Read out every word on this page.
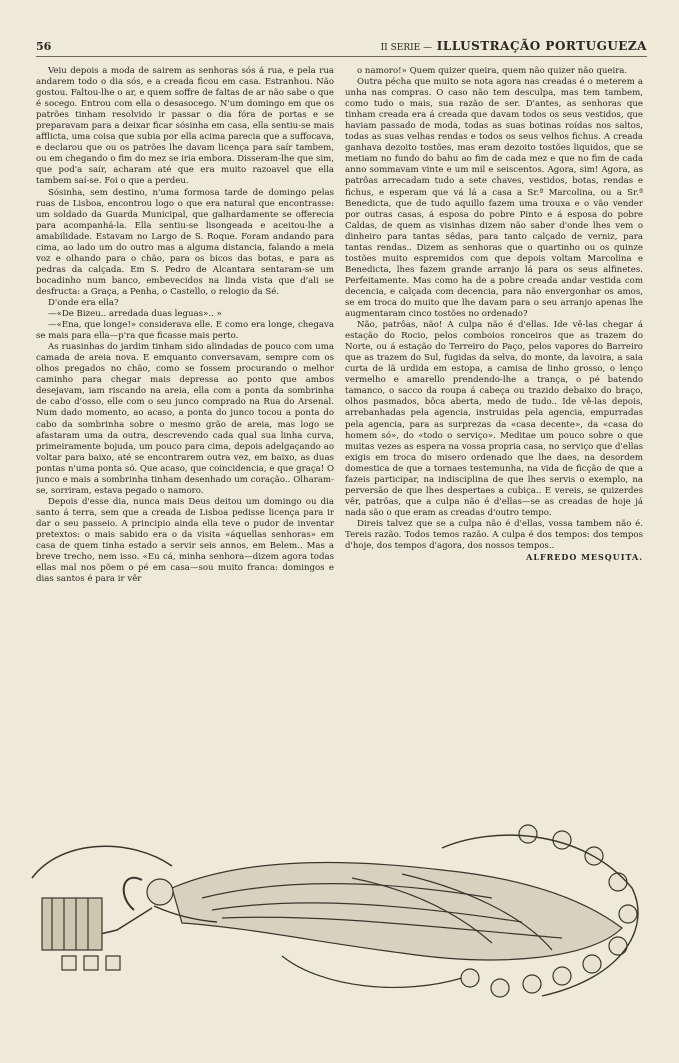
56	II SERIE — ILLUSTRAÇÃO PORTUGUEZA

Veiu depois a moda de sairem as senhoras sós á rua, e pela rua andarem todo o dia sós, e a creada ficou em casa. Estranhou. Não gostou. Faltou-lhe o ar, e quem soffre de faltas de ar não sabe o que é socego. Entrou com ella o desasocego. N'um domingo em que os patrões tinham resolvido ir passar o dia fóra de portas e se preparavam para a deixar ficar sósinha em casa, ella sentiu-se mais afflicta, uma coisa que subia por ella acima parecia que a suffocava, e declarou que ou os patrões lhe davam licença para saír tambem, ou em chegando o fim do mez se iria embora. Disseram-lhe que sim, que pod'a saír, acharam até que era muito razoavel que ella tambem saí-se. Foi o que a perdeu.

Sósinha, sem destino, n'uma formosa tarde de domingo pelas ruas de Lisboa, encontrou logo o que era natural que encontrasse: um soldado da Guarda Municipal, que galhardamente se offerecia para acompanhá-la. Ella sentiu-se lisongeada e aceitou-lhe a amabilidade. Estavam no Largo de S. Roque. Foram andando para cima, ao lado um do outro mas a alguma distancia, falando a meia voz e olhando para o chão, para os bicos das botas, e para as pedras da calçada. Em S. Pedro de Alcantara sentaram-se um bocadinho num banco, embevecidos na linda vista que d'ali se desfructa: a Graça, a Penha, o Castello, o relogio da Sé.

D'onde era ella?

—«De Bizeu.. arredada duas leguas».. »

—«Ena, que longe!» considerava elle. E como era longe, chegava se mais para ella—p'ra que ficasse mais perto.

As ruasinhas do jardim tinham sido alindadas de pouco com uma camada de areia nova. E emquanto conversavam, sempre com os olhos pregados no chão, como se fossem procurando o melhor caminho para chegar mais depressa ao ponto que ambos desejavam, iam riscando na areia, ella com a ponta da sombrinha de cabo d'osso, elle com o seu junco comprado na Rua do Arsenal. Num dado momento, ao acaso, a ponta do junco tocou a ponta do cabo da sombrinha sobre o mesmo grão de areia, mas logo se afastaram uma da outra, descrevendo cada qual sua linha curva, primeiramente bojuda, um pouco para cima, depois adelgaçando ao voltar para baixo, até se encontrarem outra vez, em baixo, as duas pontas n'uma ponta só. Que acaso, que coincidencia, e que graça! O junco e mais a sombrinha tinham desenhado um coração.. Olharam-se, sorriram, estava pegado o namoro.

Depois d'esse dia, nunca mais Deus deitou um domingo ou dia santo á terra, sem que a creada de Lisboa pedisse licença para ir dar o seu passeio. A principio ainda ella teve o pudor de inventar pretextos: o mais sabido era o da visita «áquellas senhoras» em casa de quem tinha estado a servir seis annos, em Belem.. Mas a breve trecho, nem isso. «Eu cá, minha senhora—dizem agora todas ellas mal nos põem o pé em casa—sou muito franca: domingos e dias santos é para ir vêr

o namoro!» Quem quizer queira, quem não quizer não queira.

Outra pécha que muito se nota agora nas creadas é o meterem a unha nas compras. O caso não tem desculpa, mas tem tambem, como tudo o mais, sua razão de ser. D'antes, as senhoras que tinham creada era á creada que davam todos os seus vestidos, que haviam passado de moda, todas as suas botinas roídas nos saltos, todas as suas velhas rendas e todos os seus velhos fichus. A creada ganhava dezoito tostões, mas eram dezoito tostões liquidos, que se metiam no fundo do bahu ao fim de cada mez e que no fim de cada anno sommavam vinte e um mil e seiscentos. Agora, sim! Agora, as patrôas arrecadam tudo a sete chaves, vestidos, botas, rendas e fichus, e esperam que vá lá a casa a Sr.ª Marcolina, ou a Sr.ª Benedicta, que de tudo aquillo fazem uma trouxa e o vão vender por outras casas, á esposa do pobre Pinto e á esposa do pobre Caldas, de quem as visinhas dizem não saber d'onde lhes vem o dinheiro para tantas sêdas, para tanto calçado de verniz, para tantas rendas.. Dizem as senhoras que o quartinho ou os quinze tostões muito espremidos com que depois voltam Marcolina e Benedicta, lhes fazem grande arranjo lá para os seus alfinetes. Perfeitamente. Mas como ha de a pobre creada andar vestida com decencia, e calçada com decencia, para não envergonhar os amos, se em troca do muito que lhe davam para o seu arranjo apenas lhe augmentaram cinco tostões no ordenado?

Não, patrôas, não! A culpa não é d'ellas. Ide vê-las chegar á estação do Rocio, pelos comboios ronceiros que as trazem do Norte, ou á estação do Terreiro do Paço, pelos vapores do Barreiro que as trazem do Sul, fugidas da selva, do monte, da lavoira, a saia curta de lã urdida em estopa, a camisa de linho grosso, o lenço vermelho e amarello prendendo-lhe a trança, o pé batendo tamanco, o sacco da roupa á cabeça ou trazido debaixo do braço, olhos pasmados, bôca aberta, medo de tudo.. Ide vê-las depois, arrebanhadas pela agencia, instruidas pela agencia, empurradas pela agencia, para as surprezas da «casa decente», da «casa do homem só», do «todo o serviço». Meditae um pouco sobre o que muitas vezes as espera na vossa propria casa, no serviço que d'ellas exigis em troca do misero ordenado que lhe daes, na desordem domestica de que a tornaes testemunha, na vida de ficção de que a fazeis participar, na indisciplina de que lhes servis o exemplo, na perversão de que lhes despertaes a cubiça.. E vereis, se quizerdes vêr, patrôas, que a culpa não é d'ellas—se as creadas de hoje já nada são o que eram as creadas d'outro tempo.

Direis talvez que se a culpa não é d'ellas, vossa tambem não é. Tereis razão. Todos temos razão. A culpa é dos tempos: dos tempos d'hoje, dos tempos d'agora, dos nossos tempos..

ALFREDO MESQUITA.
